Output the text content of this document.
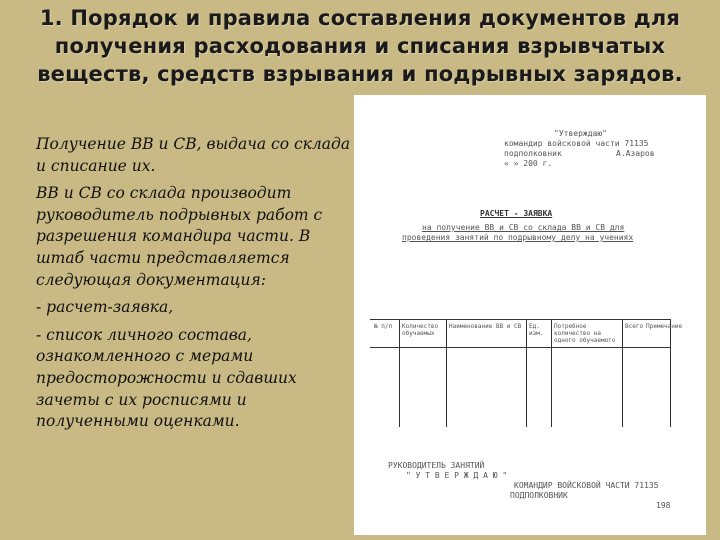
1. Порядок и правила составления документов для
получения расходования и списания взрывчатых
веществ, средств взрывания и подрывных зарядов.

Получение ВВ и СВ, выдача со склада и списание их.

ВВ и СВ со склада производит руководитель подрывных работ с разрешения командира части. В штаб части представляется следующая документация:

- расчет-заявка,

- список личного состава, ознакомленного с мерами предосторожности и сдавших зачеты с их росписями и полученными оценками.

"Утверждаю"
командир войсковой части 71135
подполковник	А.Азаров
« » 200 г.
РАСЧЕТ - ЗАЯВКА
на получение ВВ и СВ со склада ВВ и СВ для
проведения занятий по подрывному делу на учениях
№ п/п Количество обучаемых
Наименование ВВ и СВ Ед. изм.
Потребное количество на одного обучаемого
Всего Примечание
РУКОВОДИТЕЛЬ ЗАНЯТИЙ
" У Т В Е Р Ж Д А Ю "
КОМАНДИР ВОЙСКОВОЙ ЧАСТИ 71135
ПОДПОЛКОВНИК
198
